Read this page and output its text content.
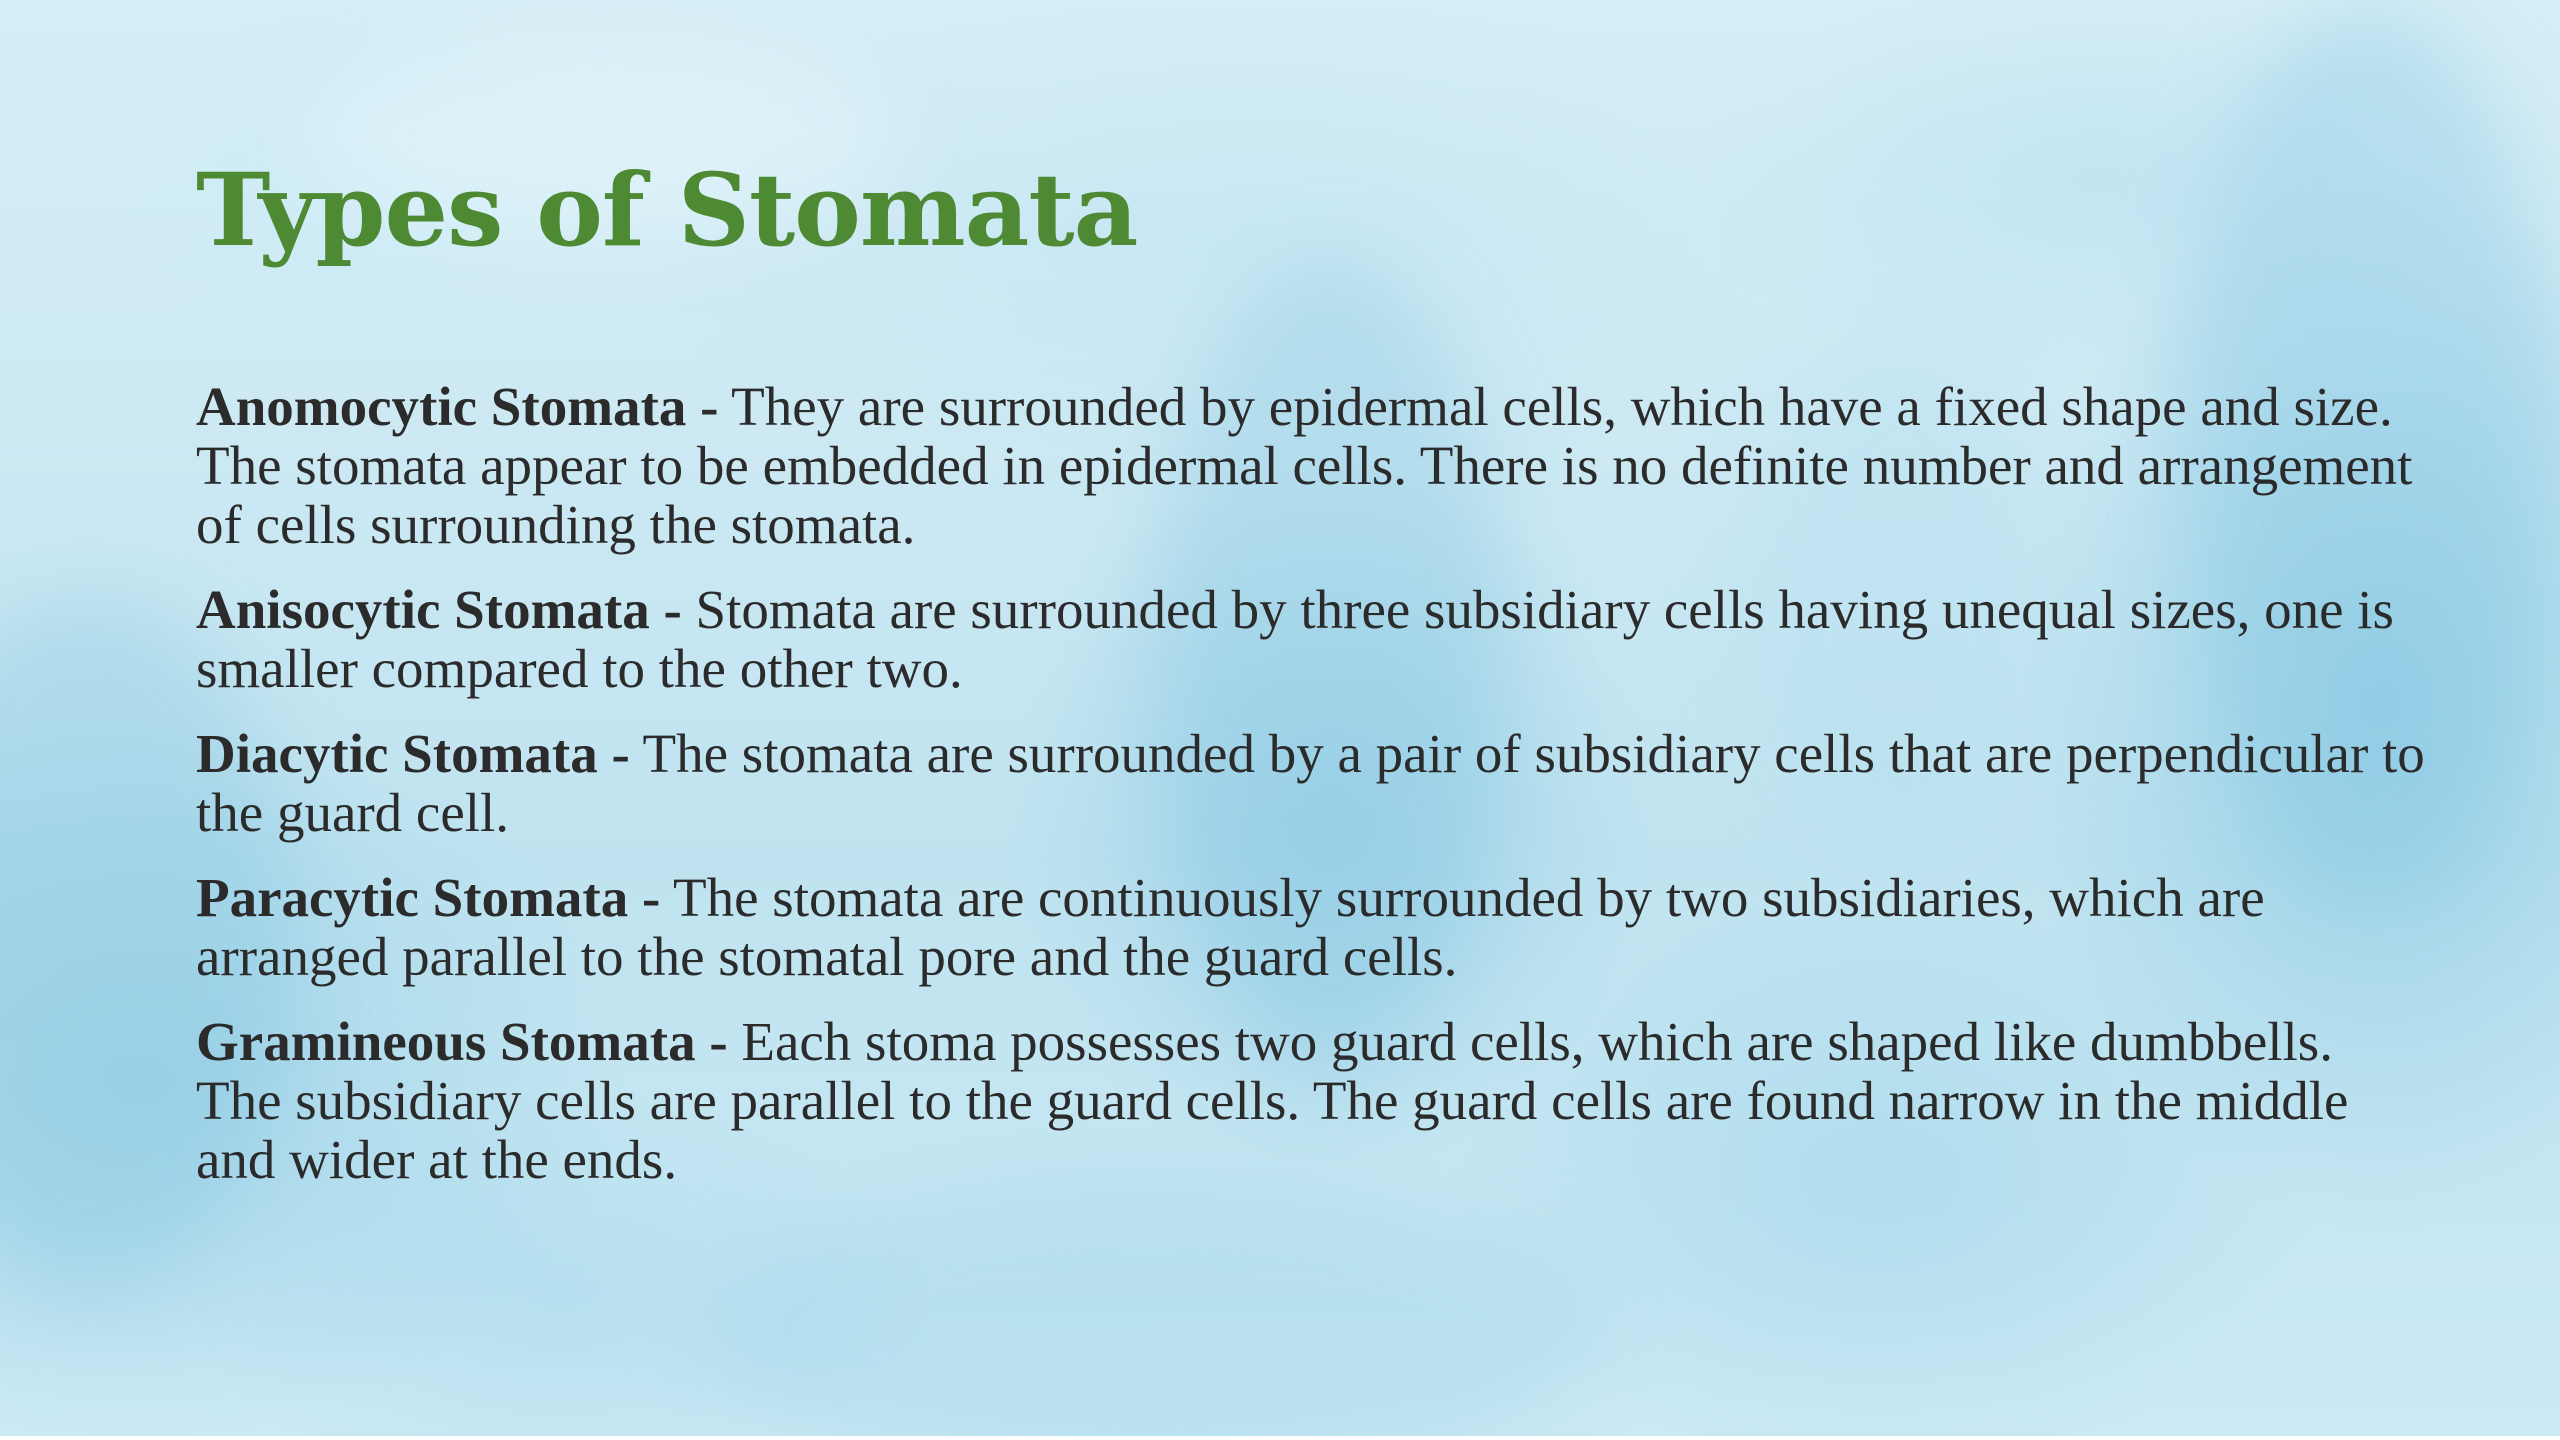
Types of Stomata

Anomocytic Stomata - They are surrounded by epidermal cells, which have a fixed shape and size. The stomata appear to be embedded in epidermal cells. There is no definite number and arrangement of cells surrounding the stomata.

Anisocytic Stomata - Stomata are surrounded by three subsidiary cells having unequal sizes, one is smaller compared to the other two.

Diacytic Stomata - The stomata are surrounded by a pair of subsidiary cells that are perpendicular to the guard cell.

Paracytic Stomata - The stomata are continuously surrounded by two subsidiaries, which are arranged parallel to the stomatal pore and the guard cells.

Gramineous Stomata - Each stoma possesses two guard cells, which are shaped like dumbbells. The subsidiary cells are parallel to the guard cells. The guard cells are found narrow in the middle and wider at the ends.
